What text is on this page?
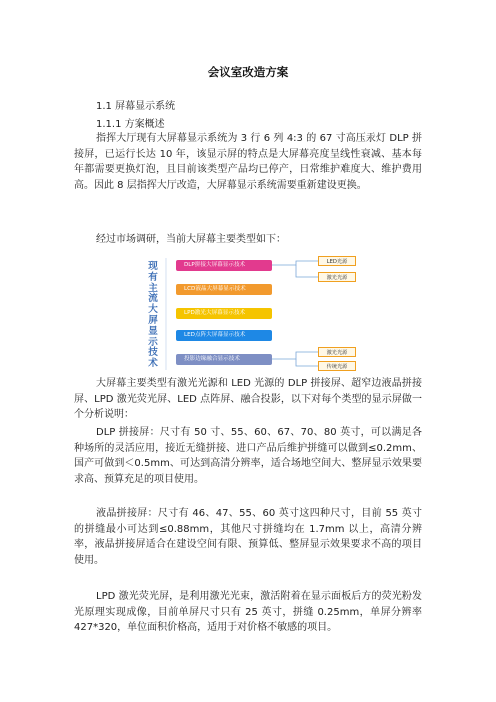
会议室改造方案
1.1 屏幕显示系统
1.1.1 方案概述

指挥大厅现有大屏幕显示系统为 3 行 6 列 4:3 的 67 寸高压汞灯 DLP 拼接屏，已运行长达 10 年，该显示屏的特点是大屏幕亮度呈线性衰减、基本每年都需要更换灯泡，且目前该类型产品均已停产，日常维护难度大、维护费用高。因此 8 层指挥大厅改造，大屏幕显示系统需要重新建设更换。

经过市场调研，当前大屏幕主要类型如下：

现
有
主
流
大
屏
显
示
技
术
DLP拼接大屏幕显示技术
LCD液晶大屏幕显示技术
LPD激光大屏幕显示技术
LED点阵大屏幕显示技术
投影边缘融合显示技术
LED光源
激光光源
激光光源
传统光源

大屏幕主要类型有激光光源和 LED 光源的 DLP 拼接屏、超窄边液晶拼接屏、LPD 激光荧光屏、LED 点阵屏、融合投影，以下对每个类型的显示屏做一个分析说明：

DLP 拼接屏：尺寸有 50 寸、55、60、67、70、80 英寸，可以满足各种场所的灵活应用，接近无缝拼接、进口产品后维护拼缝可以做到≤0.2mm、国产可做到＜0.5mm、可达到高清分辨率，适合场地空间大、整屏显示效果要求高、预算充足的项目使用。

液晶拼接屏：尺寸有 46、47、55、60 英寸这四种尺寸，目前 55 英寸的拼缝最小可达到≤0.88mm，其他尺寸拼缝均在 1.7mm 以上，高清分辨率，液晶拼接屏适合在建设空间有限、预算低、整屏显示效果要求不高的项目使用。

LPD 激光荧光屏，是利用激光光束，激活附着在显示面板后方的荧光粉发光原理实现成像，目前单屏尺寸只有 25 英寸，拼缝 0.25mm，单屏分辨率 427*320，单位面积价格高，适用于对价格不敏感的项目。
